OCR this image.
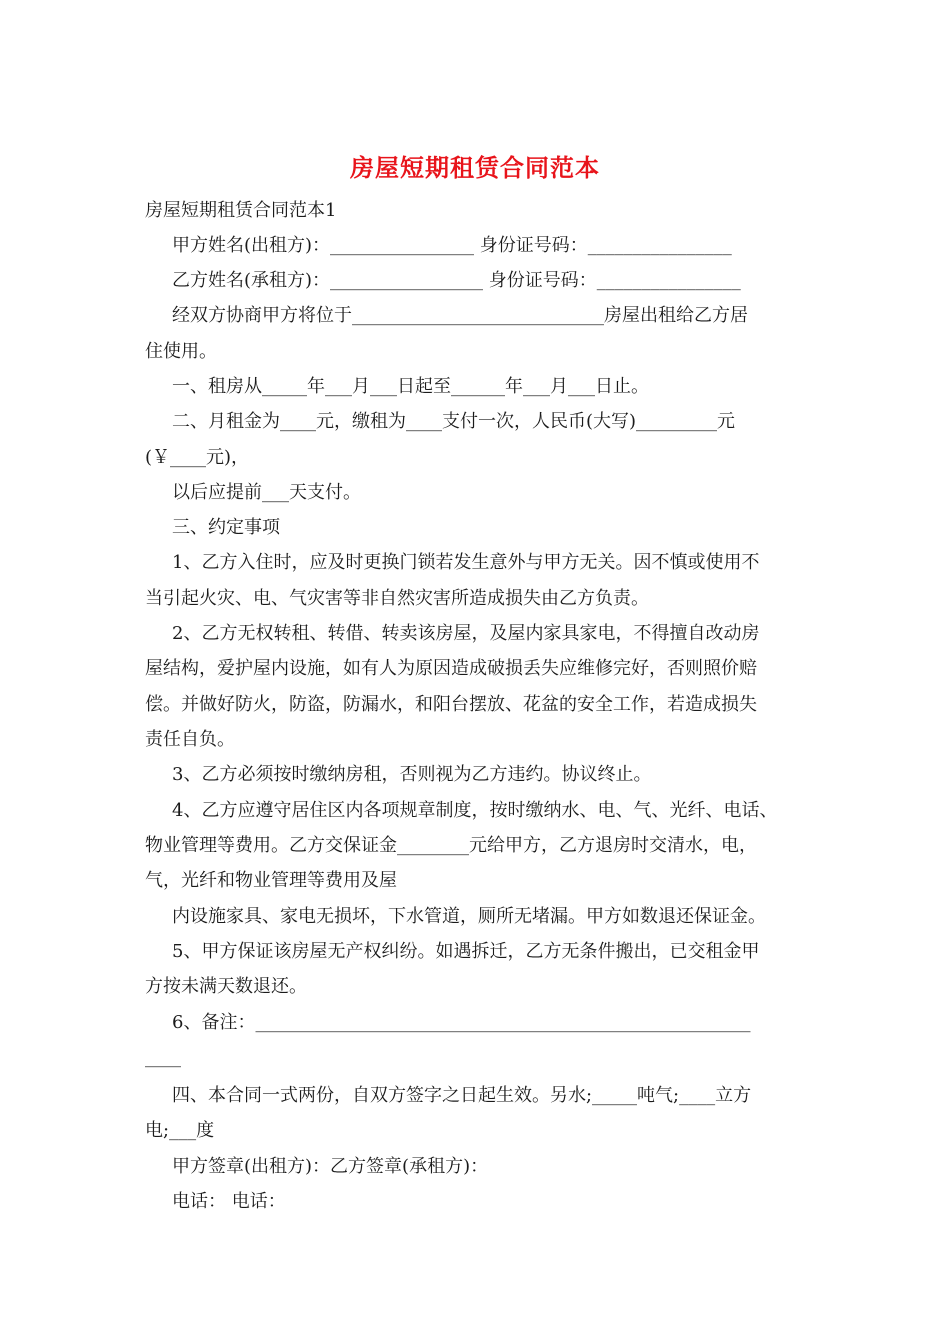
房屋短期租赁合同范本
房屋短期租赁合同范本1
甲方姓名(出租方)：________________ 身份证号码：________________
乙方姓名(承租方)：_________________ 身份证号码：________________
经双方协商甲方将位于____________________________房屋出租给乙方居
住使用。
一、租房从_____年___月___日起至______年___月___日止。
二、月租金为____元，缴租为____支付一次，人民币(大写)_________元
(￥____元)，
以后应提前___天支付。
三、约定事项
1、乙方入住时，应及时更换门锁若发生意外与甲方无关。因不慎或使用不
当引起火灾、电、气灾害等非自然灾害所造成损失由乙方负责。
2、乙方无权转租、转借、转卖该房屋，及屋内家具家电，不得擅自改动房
屋结构，爱护屋内设施，如有人为原因造成破损丢失应维修完好，否则照价赔
偿。并做好防火，防盗，防漏水，和阳台摆放、花盆的安全工作，若造成损失
责任自负。
3、乙方必须按时缴纳房租，否则视为乙方违约。协议终止。
4、乙方应遵守居住区内各项规章制度，按时缴纳水、电、气、光纤、电话、
物业管理等费用。乙方交保证金________元给甲方，乙方退房时交清水，电，
气，光纤和物业管理等费用及屋
内设施家具、家电无损坏，下水管道，厕所无堵漏。甲方如数退还保证金。
5、甲方保证该房屋无产权纠纷。如遇拆迁，乙方无条件搬出，已交租金甲
方按未满天数退还。
6、备注：_______________________________________________________
____
四、本合同一式两份，自双方签字之日起生效。另水;_____吨气;____立方
电;___度
甲方签章(出租方)：乙方签章(承租方)：
电话： 电话：
